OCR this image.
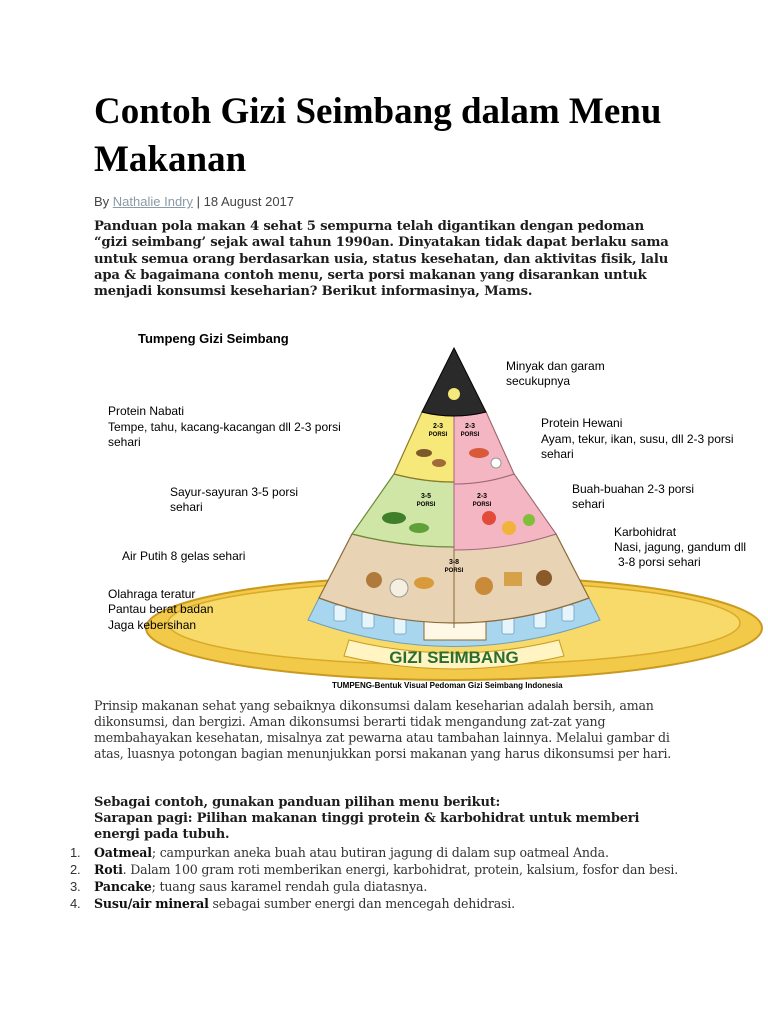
Contoh Gizi Seimbang dalam Menu Makanan
By Nathalie Indry | 18 August 2017

Panduan pola makan 4 sehat 5 sempurna telah digantikan dengan pedoman “gizi seimbang’ sejak awal tahun 1990an. Dinyatakan tidak dapat berlaku sama untuk semua orang berdasarkan usia, status kesehatan, dan aktivitas fisik, lalu apa & bagaimana contoh menu, serta porsi makanan yang disarankan untuk menjadi konsumsi keseharian? Berikut informasinya, Mams.

2-3
PORSI
2-3
PORSI
3-5
PORSI
2-3
PORSI
3-8
PORSI
GIZI SEIMBANG
Tumpeng Gizi Seimbang
Minyak dan garam
secukupnya
Protein Nabati
Tempe, tahu, kacang-kacangan dll 2-3 porsi
sehari
Protein Hewani
Ayam, tekur, ikan, susu, dll 2-3 porsi
sehari
Sayur-sayuran 3-5 porsi
sehari
Buah-buahan 2-3 porsi
sehari
Karbohidrat
Nasi, jagung, gandum dll
3-8 porsi sehari
Air Putih 8 gelas sehari
Olahraga teratur
Pantau berat badan
Jaga kebersihan
TUMPENG-Bentuk Visual Pedoman Gizi Seimbang Indonesia

Prinsip makanan sehat yang sebaiknya dikonsumsi dalam keseharian adalah bersih, aman dikonsumsi, dan bergizi. Aman dikonsumsi berarti tidak mengandung zat-zat yang membahayakan kesehatan, misalnya zat pewarna atau tambahan lainnya. Melalui gambar di atas, luasnya potongan bagian menunjukkan porsi makanan yang harus dikonsumsi per hari.

Sebagai contoh, gunakan panduan pilihan menu berikut:
Sarapan pagi: Pilihan makanan tinggi protein & karbohidrat untuk memberi energi pada tubuh.
1. Oatmeal; campurkan aneka buah atau butiran jagung di dalam sup oatmeal Anda.
2. Roti. Dalam 100 gram roti memberikan energi, karbohidrat, protein, kalsium, fosfor dan besi.
3. Pancake; tuang saus karamel rendah gula diatasnya.
4. Susu/air mineral sebagai sumber energi dan mencegah dehidrasi.
